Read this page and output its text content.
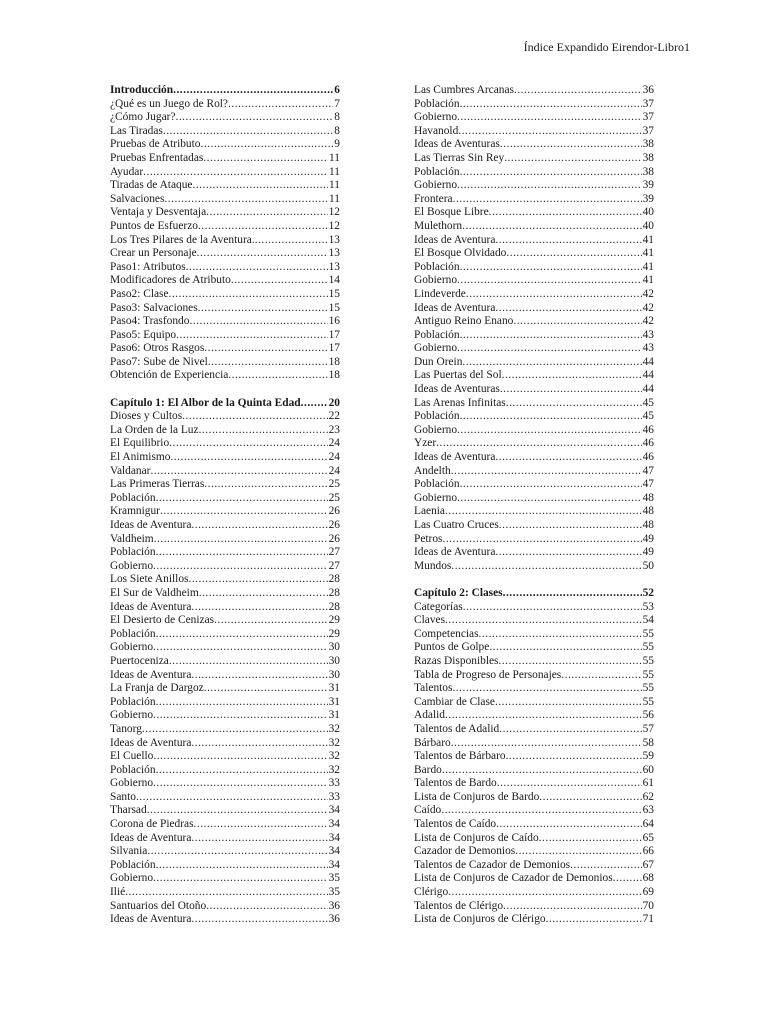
Índice Expandido Eirendor-Libro1
Introducción .....	6
¿Qué es un Juego de Rol? .....	7
¿Cómo Jugar? .....	8
Las Tiradas .....	8
Pruebas de Atributo .....	9
Pruebas Enfrentadas .....	11
Ayudar .....	11
Tiradas de Ataque .....	11
Salvaciones .....	11
Ventaja y Desventaja .....	12
Puntos de Esfuerzo .....	12
Los Tres Pilares de la Aventura. .....	13
Crear un Personaje .....	13
Paso1: Atributos .....	13
Modificadores de Atributo .....	14
Paso2: Clase .....	15
Paso3: Salvaciones .....	15
Paso4: Trasfondo .....	16
Paso5: Equipo .....	17
Paso6: Otros Rasgos .....	17
Paso7: Sube de Nivel .....	18
Obtención de Experiencia .....	18
Capítulo 1: El Albor de la Quinta Edad ..... 20
Dioses y Cultos .....	22
La Orden de la Luz .....	23
El Equilibrio .....	24
El Animismo .....	24
Valdanar .....	24
Las Primeras Tierras .....	25
Población .....	25
Kramnigur .....	26
Ideas de Aventura .....	26
Valdheim .....	26
Población .....	27
Gobierno .....	27
Los Siete Anillos .....	28
El Sur de Valdheim .....	28
Ideas de Aventura .....	28
El Desierto de Cenizas .....	29
Población .....	29
Gobierno .....	30
Puertoceniza .....	30
Ideas de Aventura .....	30
La Franja de Dargoz .....	31
Población .....	31
Gobierno .....	31
Tanorg .....	32
Ideas de Aventura .....	32
El Cuello .....	32
Población .....	32
Gobierno .....	33
Santo .....	33
Tharsad .....	34
Corona de Piedras .....	34
Ideas de Aventura .....	34
Silvania .....	34
Población .....	34
Gobierno .....	35
Ilié .....	35
Santuarios del Otoño .....	36
Ideas de Aventura .....	36
Las Cumbres Arcanas .....	36
Población .....	37
Gobierno .....	37
Havanold .....	37
Ideas de Aventuras .....	38
Las Tierras Sin Rey .....	38
Población .....	38
Gobierno .....	39
Frontera .....	39
El Bosque Libre .....	40
Mulethorn .....	40
Ideas de Aventura .....	41
El Bosque Olvidado .....	41
Población .....	41
Gobierno .....	41
Lindeverde .....	42
Ideas de Aventura .....	42
Antiguo Reino Enano .....	42
Población .....	43
Gobierno .....	43
Dun Orein .....	44
Las Puertas del Sol .....	44
Ideas de Aventuras .....	44
Las Arenas Infinitas .....	45
Población .....	45
Gobierno .....	46
Yzer .....	46
Ideas de Aventura .....	46
Andelth .....	47
Población .....	47
Gobierno .....	48
Laenia .....	48
Las Cuatro Cruces .....	48
Petros .....	49
Ideas de Aventura .....	49
Mundos .....	50
Capítulo 2: Clases .....	52
Categorías .....	53
Claves .....	54
Competencias .....	55
Puntos de Golpe .....	55
Razas Disponibles .....	55
Tabla de Progreso de Personajes .....	55
Talentos .....	55
Cambiar de Clase .....	55
Adalid .....	56
Talentos de Adalid .....	57
Bárbaro .....	58
Talentos de Bárbaro .....	59
Bardo .....	60
Talentos de Bardo .....	61
Lista de Conjuros de Bardo .....	62
Caído .....	63
Talentos de Caído .....	64
Lista de Conjuros de Caído .....	65
Cazador de Demonios .....	66
Talentos de Cazador de Demonios .....	67
Lista de Conjuros de Cazador de Demonios .....	68
Clérigo .....	69
Talentos de Clérigo .....	70
Lista de Conjuros de Clérigo .....	71
